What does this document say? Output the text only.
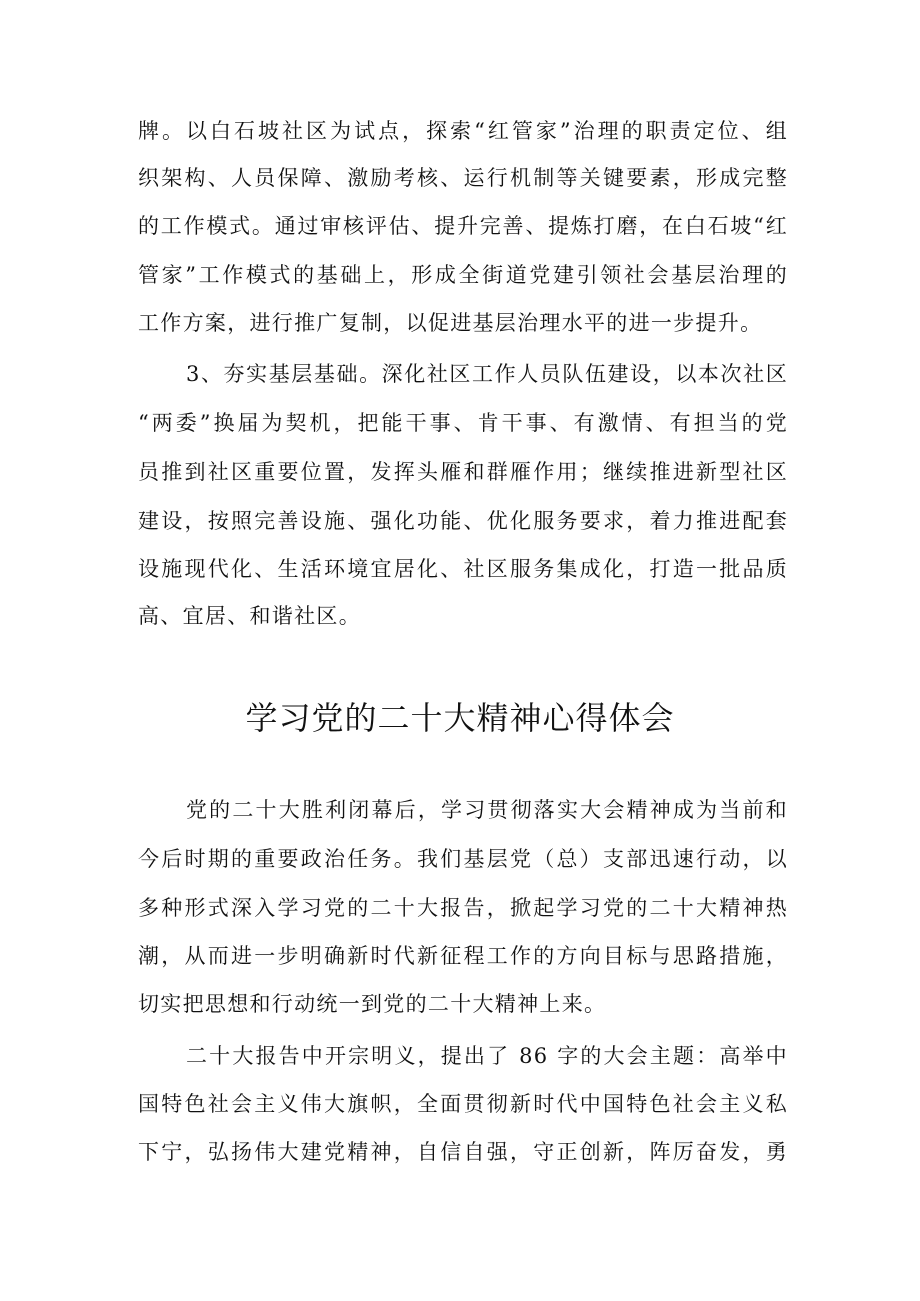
牌。以白石坡社区为试点，探索“红管家”治理的职责定位、组
织架构、人员保障、激励考核、运行机制等关键要素，形成完整
的工作模式。通过审核评估、提升完善、提炼打磨，在白石坡“红
管家”工作模式的基础上，形成全街道党建引领社会基层治理的
工作方案，进行推广复制，以促进基层治理水平的进一步提升。
3、夯实基层基础。深化社区工作人员队伍建设，以本次社区
“两委”换届为契机，把能干事、肯干事、有激情、有担当的党
员推到社区重要位置，发挥头雁和群雁作用；继续推进新型社区
建设，按照完善设施、强化功能、优化服务要求，着力推进配套
设施现代化、生活环境宜居化、社区服务集成化，打造一批品质
高、宜居、和谐社区。
学习党的二十大精神心得体会
党的二十大胜利闭幕后，学习贯彻落实大会精神成为当前和
今后时期的重要政治任务。我们基层党（总）支部迅速行动，以
多种形式深入学习党的二十大报告，掀起学习党的二十大精神热
潮，从而进一步明确新时代新征程工作的方向目标与思路措施，
切实把思想和行动统一到党的二十大精神上来。
二十大报告中开宗明义，提出了 86 字的大会主题：高举中
国特色社会主义伟大旗帜，全面贯彻新时代中国特色社会主义私
下宁，弘扬伟大建党精神，自信自强，守正创新，阵厉奋发，勇
